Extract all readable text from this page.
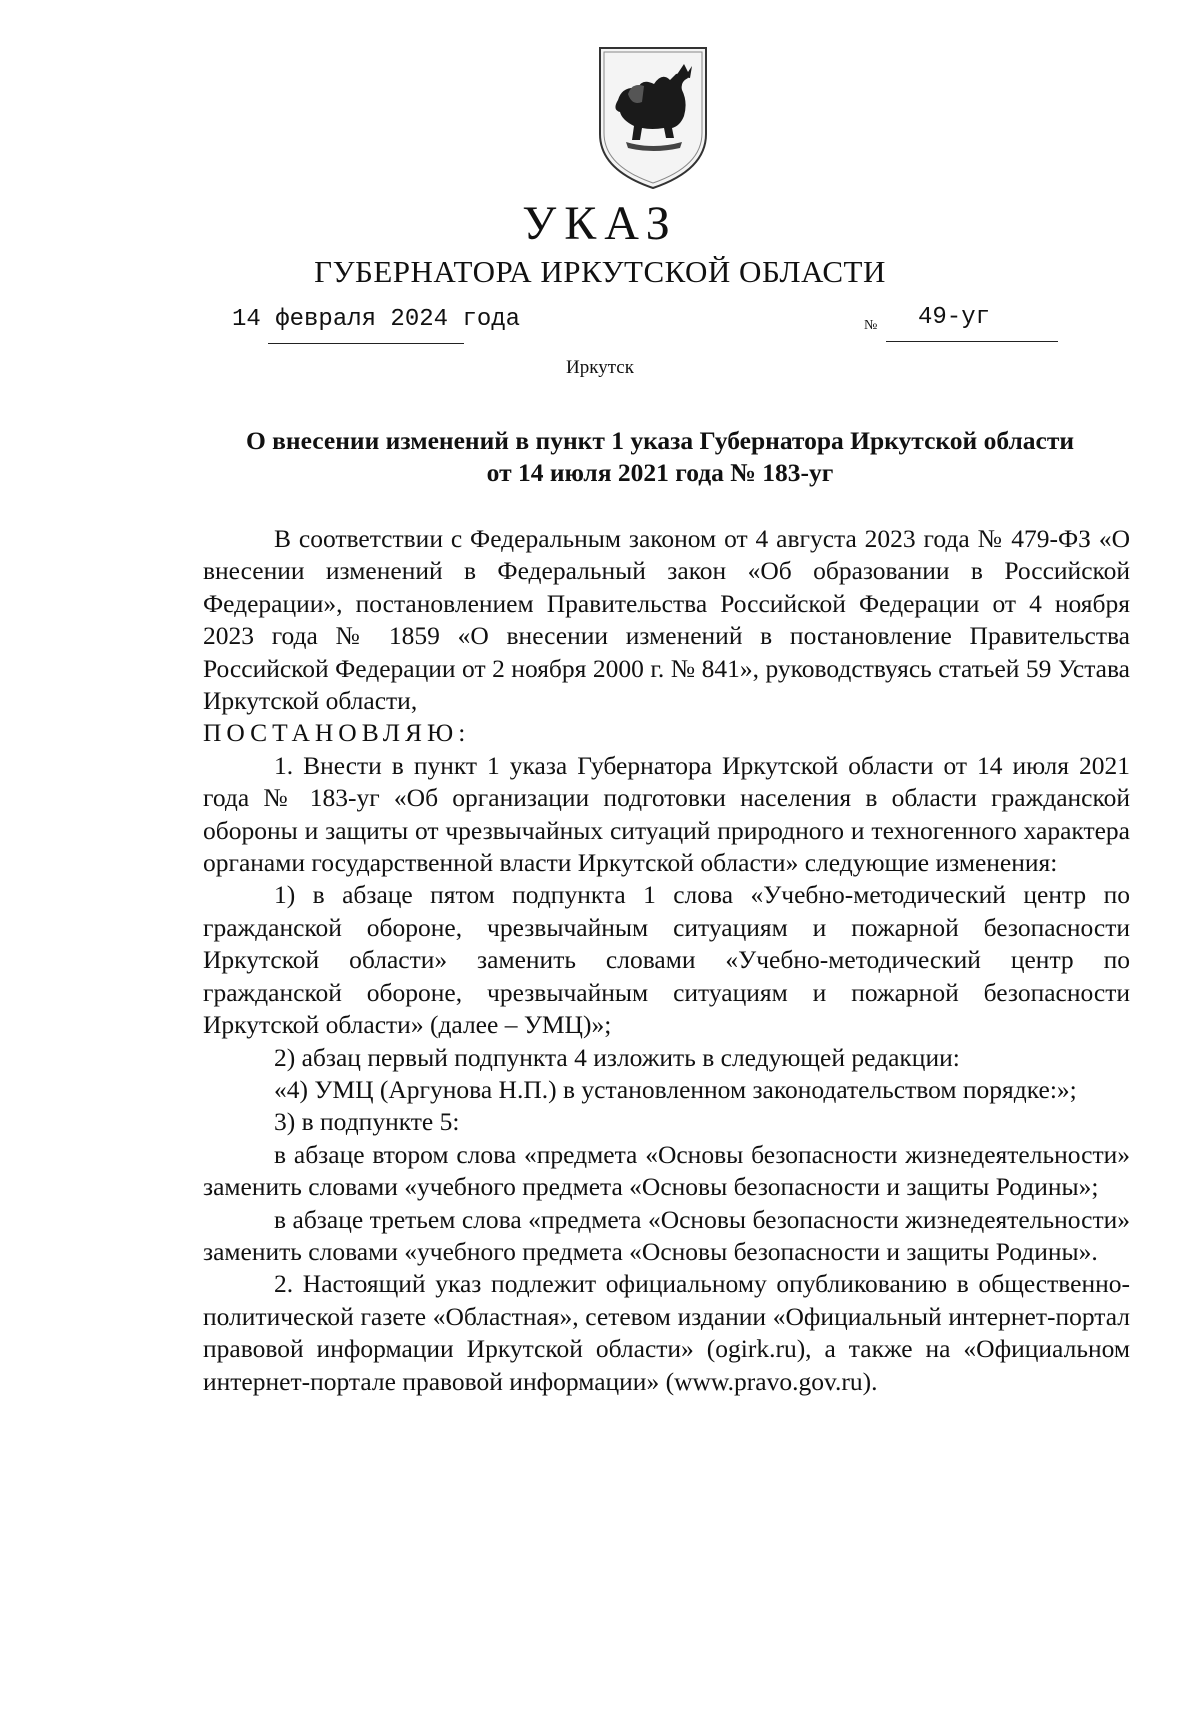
УКАЗ
ГУБЕРНАТОРА ИРКУТСКОЙ ОБЛАСТИ
14 февраля 2024 года	№ 49-уг
Иркутск
О внесении изменений в пункт 1 указа Губернатора Иркутской области
от 14 июля 2021 года № 183-уг

В соответствии с Федеральным законом от 4 августа 2023 года № 479-ФЗ «О внесении изменений в Федеральный закон «Об образовании в Российской Федерации», постановлением Правительства Российской Федерации от 4 ноября 2023 года № 1859 «О внесении изменений в постановление Правительства Российской Федерации от 2 ноября 2000 г. № 841», руководствуясь статьей 59 Устава Иркутской области,

ПОСТАНОВЛЯЮ:

1. Внести в пункт 1 указа Губернатора Иркутской области от 14 июля 2021 года № 183-уг «Об организации подготовки населения в области гражданской обороны и защиты от чрезвычайных ситуаций природного и техногенного характера органами государственной власти Иркутской области» следующие изменения:

1) в абзаце пятом подпункта 1 слова «Учебно-методический центр по гражданской обороне, чрезвычайным ситуациям и пожарной безопасности Иркутской области» заменить словами «Учебно-методический центр по гражданской обороне, чрезвычайным ситуациям и пожарной безопасности Иркутской области» (далее – УМЦ)»;

2) абзац первый подпункта 4 изложить в следующей редакции:

«4) УМЦ (Аргунова Н.П.) в установленном законодательством порядке:»;

3) в подпункте 5:

в абзаце втором слова «предмета «Основы безопасности жизнедеятельности» заменить словами «учебного предмета «Основы безопасности и защиты Родины»;

в абзаце третьем слова «предмета «Основы безопасности жизнедеятельности» заменить словами «учебного предмета «Основы безопасности и защиты Родины».

2. Настоящий указ подлежит официальному опубликованию в общественно-политической газете «Областная», сетевом издании «Официальный интернет-портал правовой информации Иркутской области» (ogirk.ru), а также на «Официальном интернет-портале правовой информации» (www.pravo.gov.ru).
